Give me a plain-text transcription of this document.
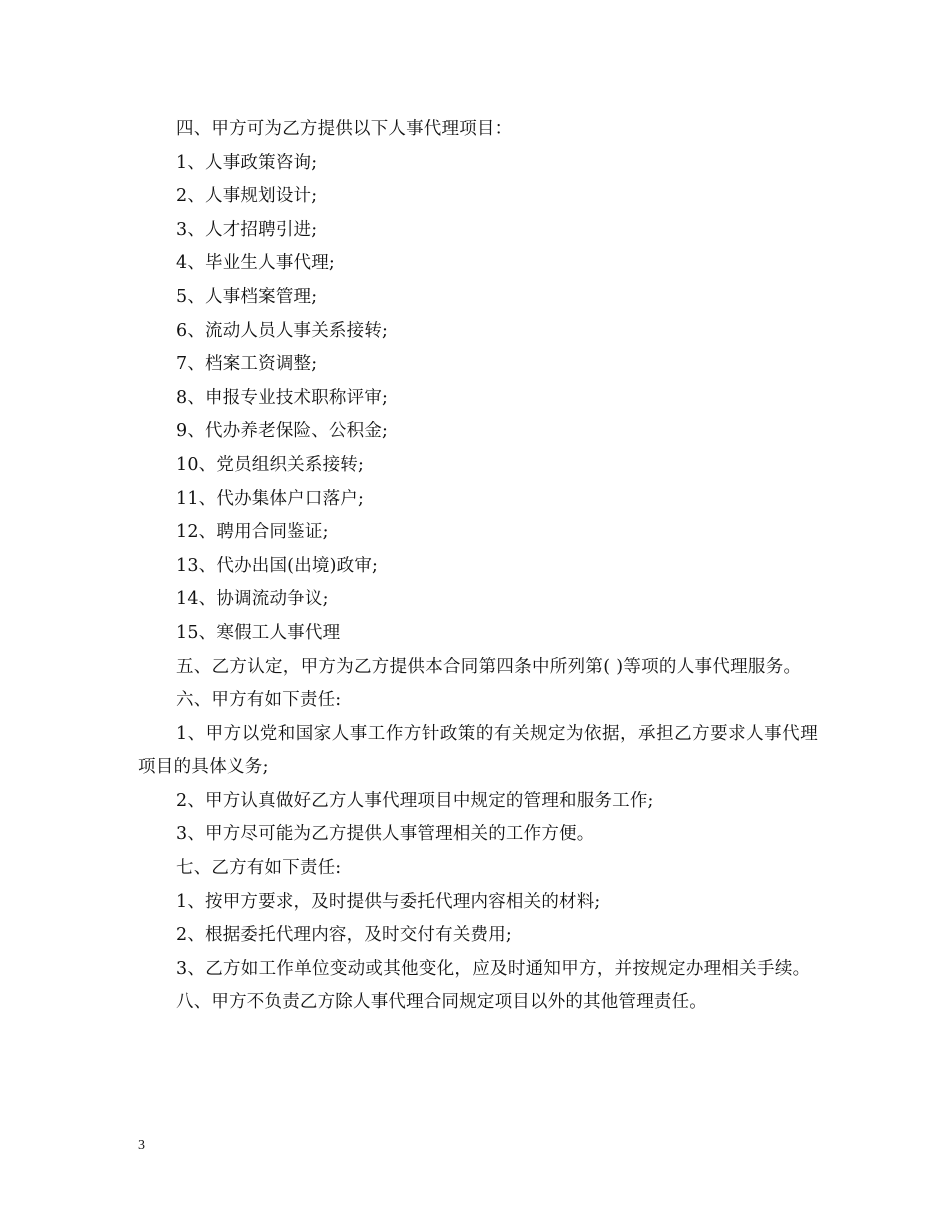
四、甲方可为乙方提供以下人事代理项目：

1、人事政策咨询;

2、人事规划设计;

3、人才招聘引进;

4、毕业生人事代理;

5、人事档案管理;

6、流动人员人事关系接转;

7、档案工资调整;

8、申报专业技术职称评审;

9、代办养老保险、公积金;

10、党员组织关系接转;

11、代办集体户口落户;

12、聘用合同鉴证;

13、代办出国(出境)政审;

14、协调流动争议;

15、寒假工人事代理

五、乙方认定，甲方为乙方提供本合同第四条中所列第( )等项的人事代理服务。

六、甲方有如下责任:

1、甲方以党和国家人事工作方针政策的有关规定为依据，承担乙方要求人事代理项目的具体义务;

2、甲方认真做好乙方人事代理项目中规定的管理和服务工作;

3、甲方尽可能为乙方提供人事管理相关的工作方便。

七、乙方有如下责任:

1、按甲方要求，及时提供与委托代理内容相关的材料;

2、根据委托代理内容，及时交付有关费用;

3、乙方如工作单位变动或其他变化，应及时通知甲方，并按规定办理相关手续。

八、甲方不负责乙方除人事代理合同规定项目以外的其他管理责任。

3
